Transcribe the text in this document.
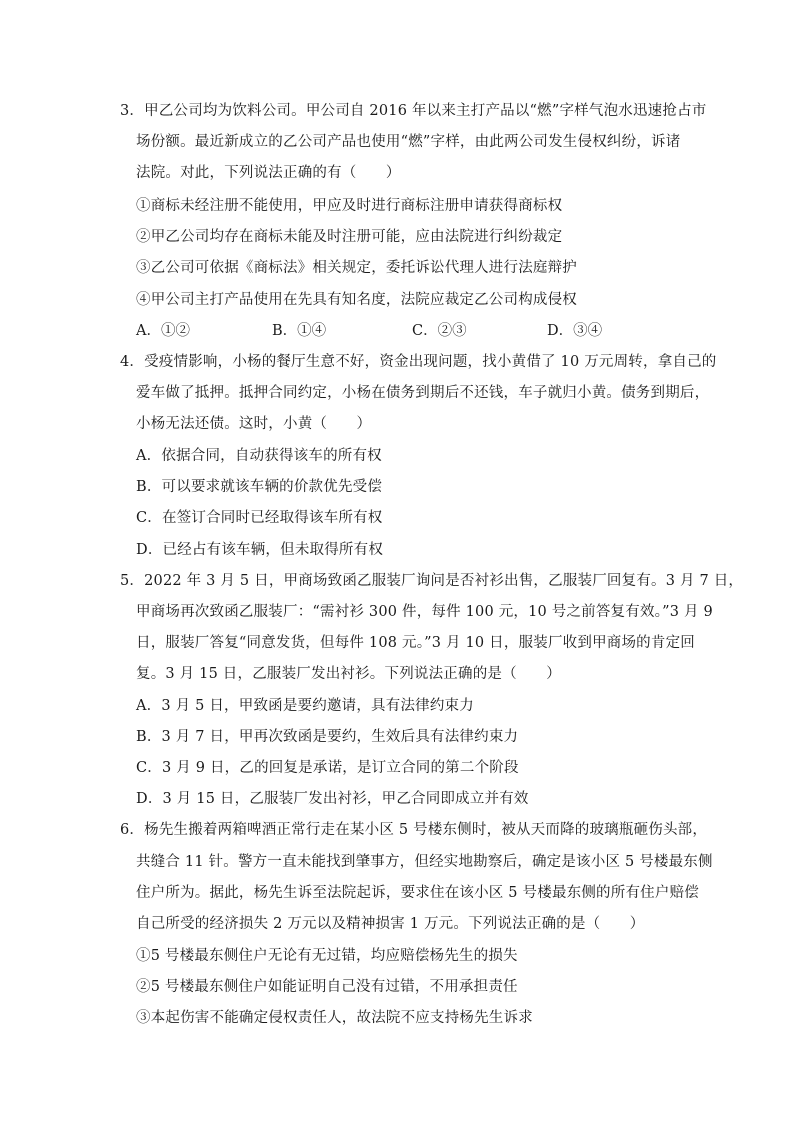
3．甲乙公司均为饮料公司。甲公司自 2016 年以来主打产品以“燃”字样气泡水迅速抢占市
场份额。最近新成立的乙公司产品也使用“燃”字样，由此两公司发生侵权纠纷，诉诸
法院。对此，下列说法正确的有（　　）
①商标未经注册不能使用，甲应及时进行商标注册申请获得商标权
②甲乙公司均存在商标未能及时注册可能，应由法院进行纠纷裁定
③乙公司可依据《商标法》相关规定，委托诉讼代理人进行法庭辩护
④甲公司主打产品使用在先具有知名度，法院应裁定乙公司构成侵权
A．①②	B．①④	C．②③	D．③④
4．受疫情影响，小杨的餐厅生意不好，资金出现问题，找小黄借了 10 万元周转，拿自己的
爱车做了抵押。抵押合同约定，小杨在债务到期后不还钱，车子就归小黄。债务到期后，
小杨无法还债。这时，小黄（　　）
A．依据合同，自动获得该车的所有权
B．可以要求就该车辆的价款优先受偿
C．在签订合同时已经取得该车所有权
D．已经占有该车辆，但未取得所有权
5．2022 年 3 月 5 日，甲商场致函乙服装厂询问是否衬衫出售，乙服装厂回复有。3 月 7 日，
甲商场再次致函乙服装厂：“需衬衫 300 件，每件 100 元，10 号之前答复有效。”3 月 9
日，服装厂答复“同意发货，但每件 108 元。”3 月 10 日，服装厂收到甲商场的肯定回
复。3 月 15 日，乙服装厂发出衬衫。下列说法正确的是（　　）
A．3 月 5 日，甲致函是要约邀请，具有法律约束力
B．3 月 7 日，甲再次致函是要约，生效后具有法律约束力
C．3 月 9 日，乙的回复是承诺，是订立合同的第二个阶段
D．3 月 15 日，乙服装厂发出衬衫，甲乙合同即成立并有效
6．杨先生搬着两箱啤酒正常行走在某小区 5 号楼东侧时，被从天而降的玻璃瓶砸伤头部，
共缝合 11 针。警方一直未能找到肇事方，但经实地勘察后，确定是该小区 5 号楼最东侧
住户所为。据此，杨先生诉至法院起诉，要求住在该小区 5 号楼最东侧的所有住户赔偿
自己所受的经济损失 2 万元以及精神损害 1 万元。下列说法正确的是（　　）
①5 号楼最东侧住户无论有无过错，均应赔偿杨先生的损失
②5 号楼最东侧住户如能证明自己没有过错，不用承担责任
③本起伤害不能确定侵权责任人，故法院不应支持杨先生诉求
